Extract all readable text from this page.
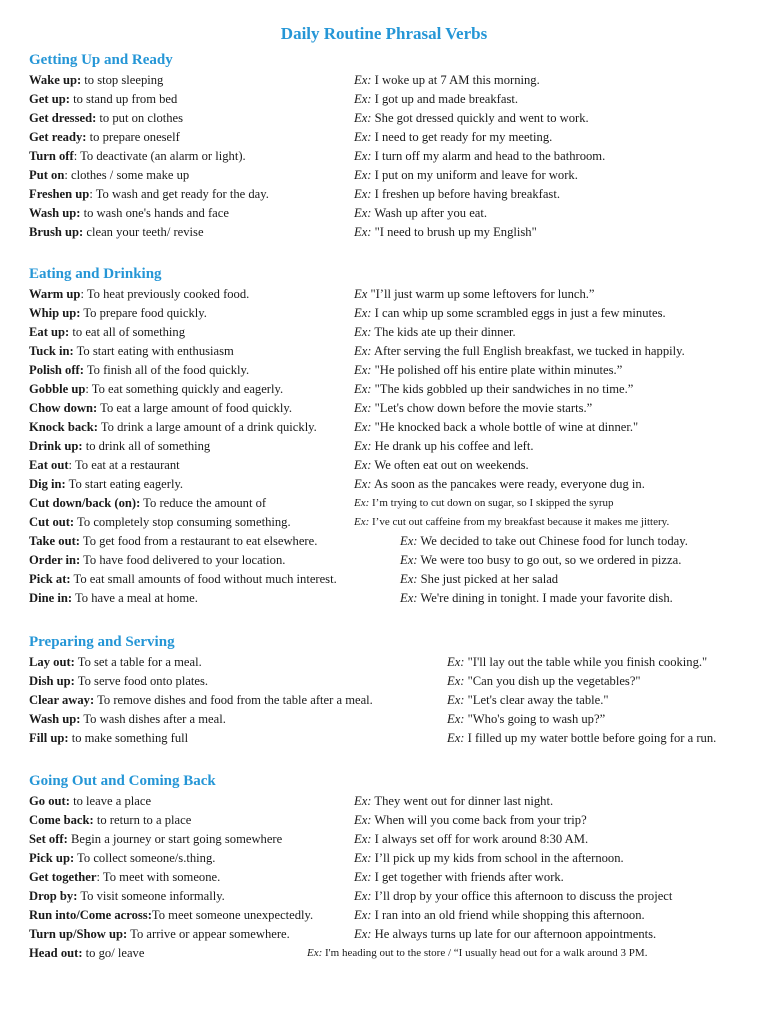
Daily Routine Phrasal Verbs
Getting Up and Ready
Wake up: to stop sleeping	Ex: I woke up at 7 AM this morning.
Get up: to stand up from bed	Ex: I got up and made breakfast.
Get dressed: to put on clothes	Ex: She got dressed quickly and went to work.
Get ready: to prepare oneself	Ex: I need to get ready for my meeting.
Turn off: To deactivate (an alarm or light).	Ex: I turn off my alarm and head to the bathroom.
Put on: clothes / some make up	Ex: I put on my uniform and leave for work.
Freshen up: To wash and get ready for the day.	Ex: I freshen up before having breakfast.
Wash up: to wash one's hands and face	Ex: Wash up after you eat.
Brush up: clean your teeth/ revise	Ex: "I need to brush up my English"
Eating and Drinking
Warm up: To heat previously cooked food.	Ex "I’ll just warm up some leftovers for lunch.”
Whip up: To prepare food quickly.	Ex: I can whip up some scrambled eggs in just a few minutes.
Eat up: to eat all of something	Ex: The kids ate up their dinner.
Tuck in: To start eating with enthusiasm	Ex: After serving the full English breakfast, we tucked in happily.
Polish off: To finish all of the food quickly.	Ex: "He polished off his entire plate within minutes.”
Gobble up: To eat something quickly and eagerly.	Ex: "The kids gobbled up their sandwiches in no time.”
Chow down: To eat a large amount of food quickly.	Ex: "Let's chow down before the movie starts.”
Knock back: To drink a large amount of a drink quickly.	Ex: "He knocked back a whole bottle of wine at dinner."
Drink up: to drink all of something	Ex: He drank up his coffee and left.
Eat out: To eat at a restaurant	Ex: We often eat out on weekends.
Dig in: To start eating eagerly.	Ex: As soon as the pancakes were ready, everyone dug in.
Cut down/back (on): To reduce the amount of	Ex: I’m trying to cut down on sugar, so I skipped the syrup
Cut out: To completely stop consuming something.	Ex: I’ve cut out caffeine from my breakfast because it makes me jittery.
Take out: To get food from a restaurant to eat elsewhere.	Ex: We decided to take out Chinese food for lunch today.
Order in: To have food delivered to your location.	Ex: We were too busy to go out, so we ordered in pizza.
Pick at: To eat small amounts of food without much interest.	Ex: She just picked at her salad
Dine in: To have a meal at home.	Ex: We're dining in tonight. I made your favorite dish.
Preparing and Serving
Lay out: To set a table for a meal.	Ex: "I'll lay out the table while you finish cooking."
Dish up: To serve food onto plates.	Ex: "Can you dish up the vegetables?"
Clear away: To remove dishes and food from the table after a meal.	Ex: "Let's clear away the table."
Wash up: To wash dishes after a meal.	Ex: "Who's going to wash up?”
Fill up: to make something full	Ex: I filled up my water bottle before going for a run.
Going Out and Coming Back
Go out: to leave a place	Ex: They went out for dinner last night.
Come back: to return to a place	Ex: When will you come back from your trip?
Set off: Begin a journey or start going somewhere	Ex: I always set off for work around 8:30 AM.
Pick up: To collect someone/s.thing.	Ex: I’ll pick up my kids from school in the afternoon.
Get together: To meet with someone.	Ex: I get together with friends after work.
Drop by: To visit someone informally.	Ex: I’ll drop by your office this afternoon to discuss the project
Run into/Come across:To meet someone unexpectedly.	Ex: I ran into an old friend while shopping this afternoon.
Turn up/Show up: To arrive or appear somewhere.	Ex: He always turns up late for our afternoon appointments.
Head out: to go/ leave	Ex: I'm heading out to the store / “I usually head out for a walk around 3 PM.
